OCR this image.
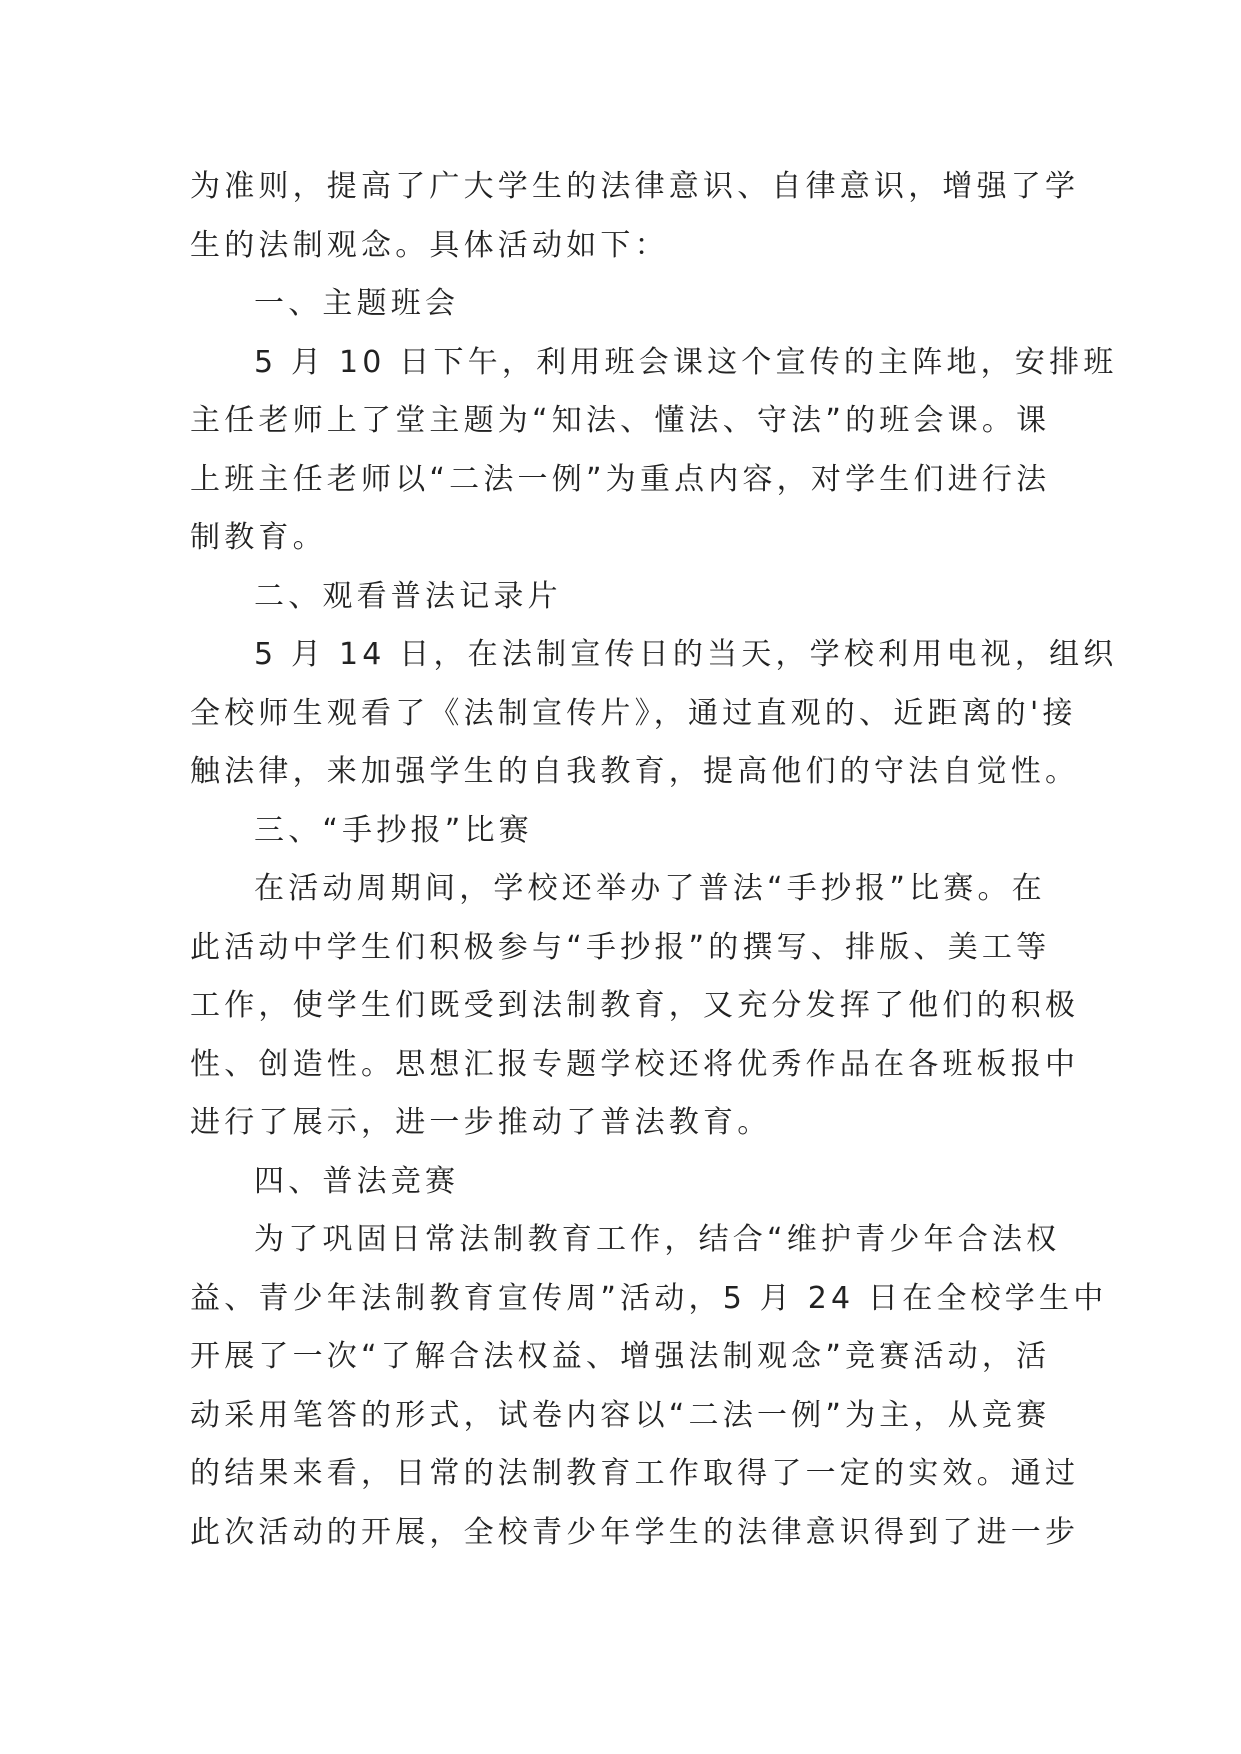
为准则，提高了广大学生的法律意识、自律意识，增强了学
生的法制观念。具体活动如下：
一、主题班会
5 月 10 日下午，利用班会课这个宣传的主阵地，安排班
主任老师上了堂主题为“知法、懂法、守法”的班会课。课
上班主任老师以“二法一例”为重点内容，对学生们进行法
制教育。
二、观看普法记录片
5 月 14 日，在法制宣传日的当天，学校利用电视，组织
全校师生观看了《法制宣传片》，通过直观的、近距离的'接
触法律，来加强学生的自我教育，提高他们的守法自觉性。
三、“手抄报”比赛
在活动周期间，学校还举办了普法“手抄报”比赛。在
此活动中学生们积极参与“手抄报”的撰写、排版、美工等
工作，使学生们既受到法制教育，又充分发挥了他们的积极
性、创造性。思想汇报专题学校还将优秀作品在各班板报中
进行了展示，进一步推动了普法教育。
四、普法竞赛
为了巩固日常法制教育工作，结合“维护青少年合法权
益、青少年法制教育宣传周”活动，5 月 24 日在全校学生中
开展了一次“了解合法权益、增强法制观念”竞赛活动，活
动采用笔答的形式，试卷内容以“二法一例”为主，从竞赛
的结果来看，日常的法制教育工作取得了一定的实效。通过
此次活动的开展，全校青少年学生的法律意识得到了进一步
